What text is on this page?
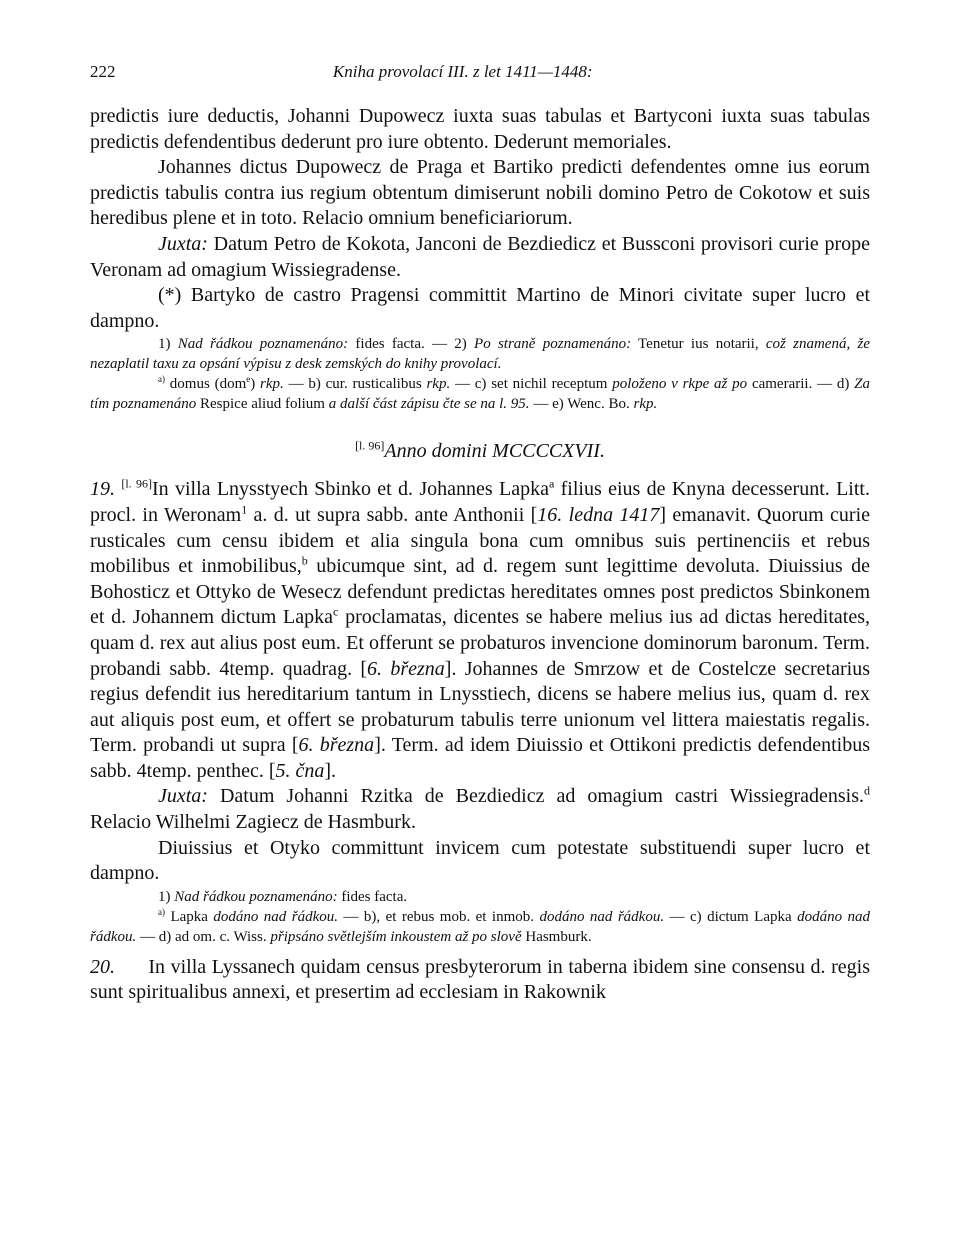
222	Kniha provolací III. z let 1411—1448:

predictis iure deductis, Johanni Dupowecz iuxta suas tabulas et Bartyconi iuxta suas tabulas predictis defendentibus dederunt pro iure obtento. Dederunt memoriales.

Johannes dictus Dupowecz de Praga et Bartiko predicti defendentes omne ius eorum predictis tabulis contra ius regium obtentum dimiserunt nobili domino Petro de Cokotow et suis heredibus plene et in toto. Relacio omnium beneficiariorum.

Juxta: Datum Petro de Kokota, Janconi de Bezdiedicz et Bussconi provisori curie prope Veronam ad omagium Wissiegradense.

(*) Bartyko de castro Pragensi committit Martino de Minori civitate super lucro et dampno.

1) Nad řádkou poznamenáno: fides facta. — 2) Po straně poznamenáno: Tenetur ius notarii, což znamená, že nezaplatil taxu za opsání výpisu z desk zemských do knihy provolací.

$^{a)}$ domus (dom$^e$) rkp. — b) cur. rusticalibus rkp. — c) set nichil receptum položeno v rkpe až po camerarii. — d) Za tím poznamenáno Respice aliud folium a další část zápisu čte se na l. 95. — e) Wenc. Bo. rkp.

[l. 96]Anno domini MCCCCXVII.

19. [l. 96]In villa Lnysstyech Sbinko et d. Johannes Lapka$^a$ filius eius de Knyna decesserunt. Litt. procl. in Weronam$^1$ a. d. ut supra sabb. ante Anthonii [16. ledna 1417] emanavit. Quorum curie rusticales cum censu ibidem et alia singula bona cum omnibus suis pertinenciis et rebus mobilibus et inmobilibus,$^b$ ubicumque sint, ad d. regem sunt legittime devoluta. Diuissius de Bohosticz et Ottyko de Wesecz defendunt predictas hereditates omnes post predictos Sbinkonem et d. Johannem dictum Lapka$^c$ proclamatas, dicentes se habere melius ius ad dictas hereditates, quam d. rex aut alius post eum. Et offerunt se probaturos invencione dominorum baronum. Term. probandi sabb. 4temp. quadrag. [6. března]. Johannes de Smrzow et de Costelcze secretarius regius defendit ius hereditarium tantum in Lnysstiech, dicens se habere melius ius, quam d. rex aut aliquis post eum, et offert se probaturum tabulis terre unionum vel littera maiestatis regalis. Term. probandi ut supra [6. března]. Term. ad idem Diuissio et Ottikoni predictis defendentibus sabb. 4temp. penthec. [5. čna].

Juxta: Datum Johanni Rzitka de Bezdiedicz ad omagium castri Wissiegradensis.$^d$ Relacio Wilhelmi Zagiecz de Hasmburk.

Diuissius et Otyko committunt invicem cum potestate substituendi super lucro et dampno.

1) Nad řádkou poznamenáno: fides facta.

$^{a)}$ Lapka dodáno nad řádkou. — b), et rebus mob. et inmob. dodáno nad řádkou. — c) dictum Lapka dodáno nad řádkou. — d) ad om. c. Wiss. připsáno světlejším inkoustem až po slově Hasmburk.

20. In villa Lyssanech quidam census presbyterorum in taberna ibidem sine consensu d. regis sunt spiritualibus annexi, et presertim ad ecclesiam in Rakownik
